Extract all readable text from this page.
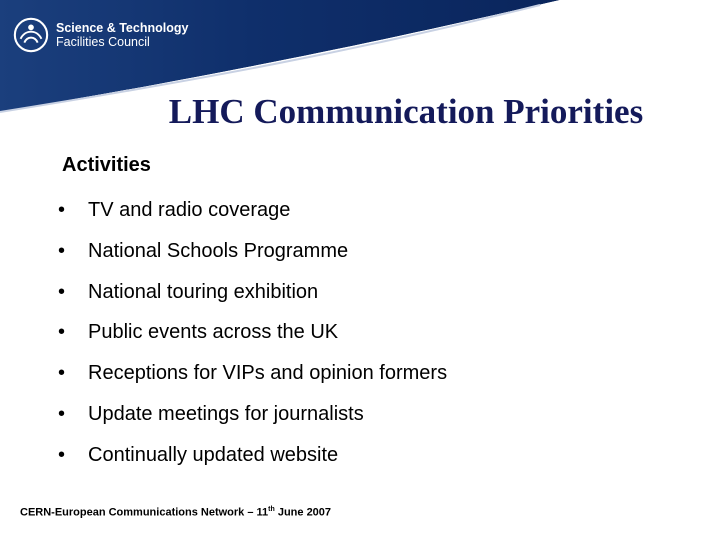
Science & Technology
Facilities Council
LHC Communication Priorities
Activities
•	TV and radio coverage
•	National Schools Programme
•	National touring exhibition
•	Public events across the UK
•	Receptions for VIPs and opinion formers
•	Update meetings for journalists
•	Continually updated website
CERN-European Communications Network – 11th June 2007
